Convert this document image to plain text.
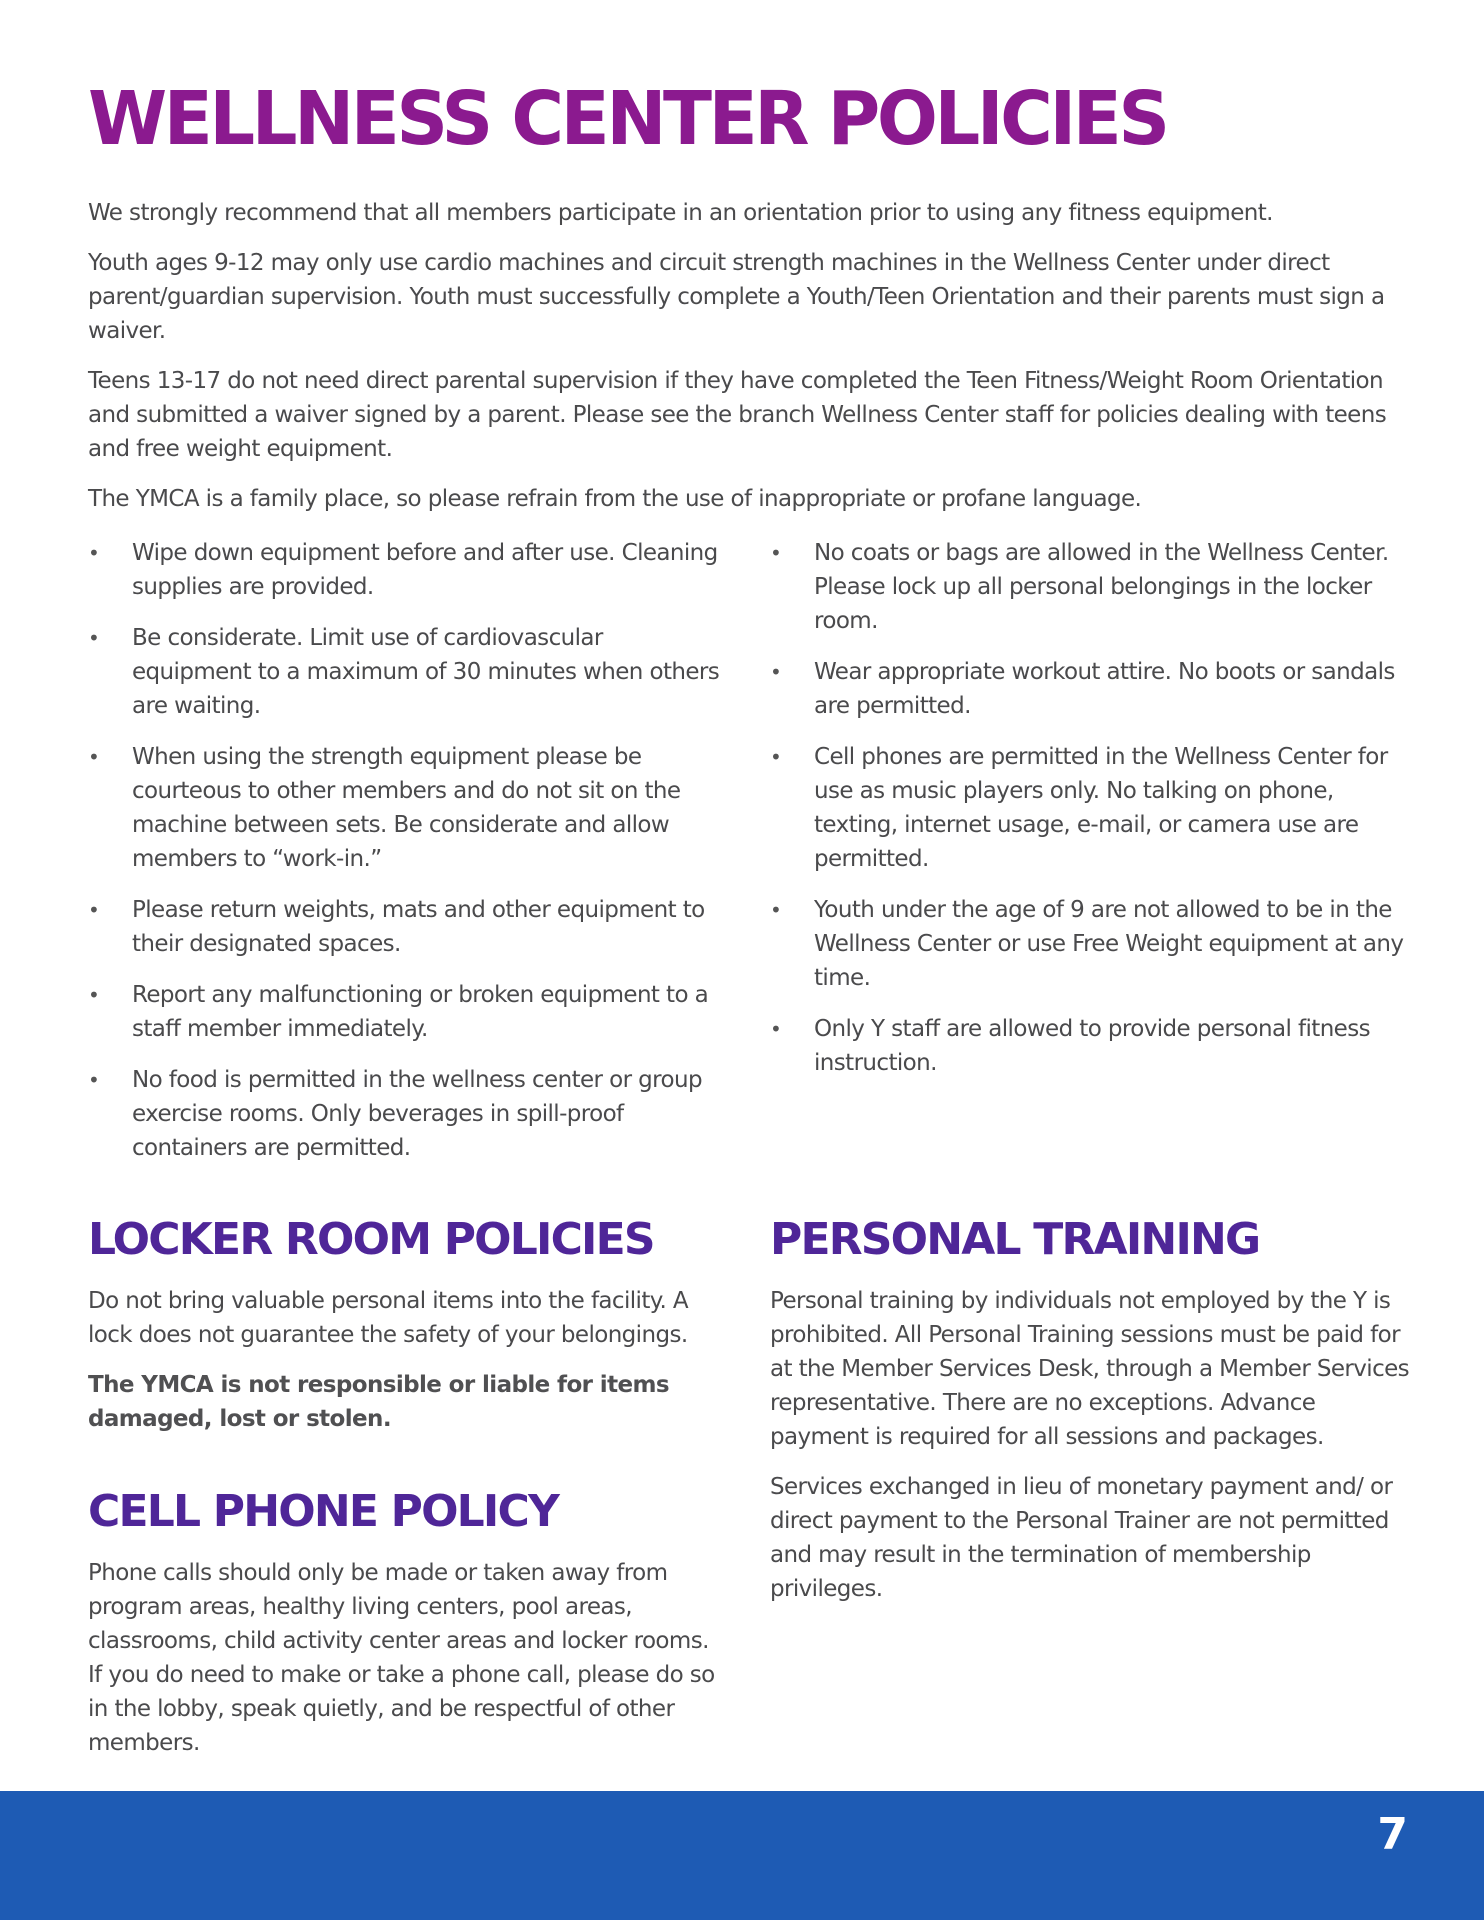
WELLNESS CENTER POLICIES

We strongly recommend that all members participate in an orientation prior to using any fitness equipment.

Youth ages 9-12 may only use cardio machines and circuit strength machines in the Wellness Center under direct parent/guardian supervision. Youth must successfully complete a Youth/Teen Orientation and their parents must sign a waiver.

Teens 13-17 do not need direct parental supervision if they have completed the Teen Fitness/Weight Room Orientation and submitted a waiver signed by a parent. Please see the branch Wellness Center staff for policies dealing with teens and free weight equipment.

The YMCA is a family place, so please refrain from the use of inappropriate or profane language.

•	Wipe down equipment before and after use. Cleaning supplies are provided.
•	Be considerate. Limit use of cardiovascular equipment to a maximum of 30 minutes when others are waiting.
•	When using the strength equipment please be courteous to other members and do not sit on the machine between sets. Be considerate and allow members to “work-in.”
•	Please return weights, mats and other equipment to their designated spaces.
•	Report any malfunctioning or broken equipment to a staff member immediately.
•	No food is permitted in the wellness center or group exercise rooms. Only beverages in spill-proof containers are permitted.
•	No coats or bags are allowed in the Wellness Center. Please lock up all personal belongings in the locker room.
•	Wear appropriate workout attire. No boots or sandals are permitted.
•	Cell phones are permitted in the Wellness Center for use as music players only. No talking on phone, texting, internet usage, e-mail, or camera use are permitted.
•	Youth under the age of 9 are not allowed to be in the Wellness Center or use Free Weight equipment at any time.
•	Only Y staff are allowed to provide personal fitness instruction.
LOCKER ROOM POLICIES

Do not bring valuable personal items into the facility. A lock does not guarantee the safety of your belongings.

The YMCA is not responsible or liable for items damaged, lost or stolen.

CELL PHONE POLICY

Phone calls should only be made or taken away from program areas, healthy living centers, pool areas, classrooms, child activity center areas and locker rooms. If you do need to make or take a phone call, please do so in the lobby, speak quietly, and be respectful of other members.

PERSONAL TRAINING

Personal training by individuals not employed by the Y is prohibited. All Personal Training sessions must be paid for at the Member Services Desk, through a Member Services representative. There are no exceptions. Advance payment is required for all sessions and packages.

Services exchanged in lieu of monetary payment and/ or direct payment to the Personal Trainer are not permitted and may result in the termination of membership privileges.

7
